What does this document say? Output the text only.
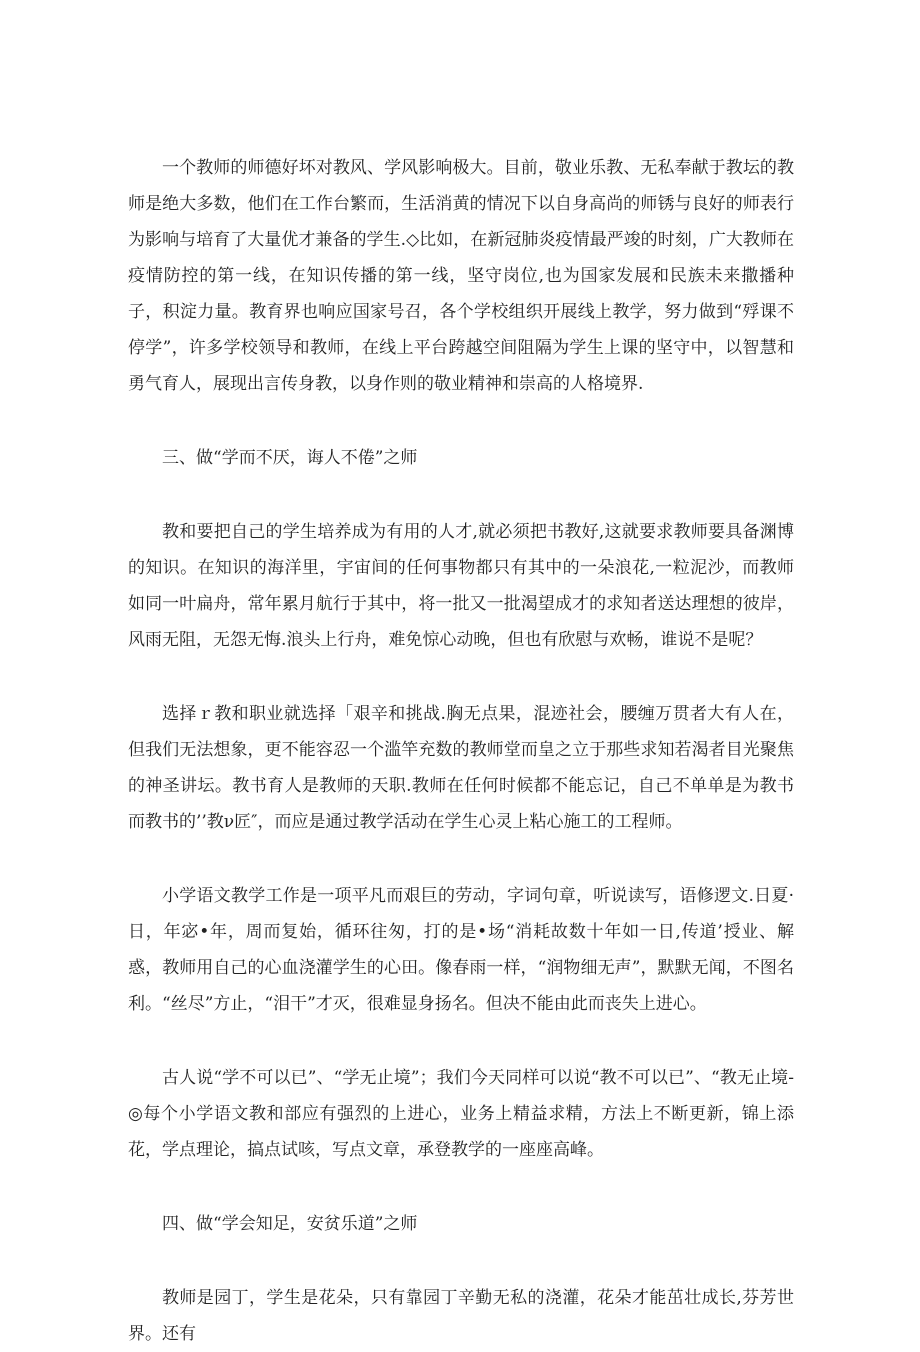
一个教师的师德好坏对教风、学风影响极大。目前，敬业乐教、无私奉献于教坛的教师是绝大多数，他们在工作台繁而，生活消黄的情况下以自身高尚的师锈与良好的师表行为影响与培育了大量优才兼备的学生.◇比如，在新冠肺炎疫情最严竣的时刻，广大教师在疫情防控的第一线，在知识传播的第一线，坚守岗位,也为国家发展和民族未来撒播种子，积淀力量。教育界也响应国家号召，各个学校组织开展线上教学，努力做到“殍课不停学”，许多学校领导和教师，在线上平台跨越空间阻隔为学生上课的坚守中，以智慧和勇气育人，展现出言传身教，以身作则的敬业精神和崇高的人格境界.

三、做“学而不厌，诲人不倦”之师

教和要把自己的学生培养成为有用的人才,就必须把书教好,这就要求教师要具备渊博的知识。在知识的海洋里，宇宙间的任何事物都只有其中的一朵浪花,一粒泥沙，而教师如同一叶扁舟，常年累月航行于其中，将一批又一批渴望成才的求知者送达理想的彼岸，风雨无阻，无怨无悔.浪头上行舟，难免惊心动晚，但也有欣慰与欢畅，谁说不是呢？

选择ｒ教和职业就选择「艰辛和挑战.胸无点果，混迹社会，腰缠万贯者大有人在，但我们无法想象，更不能容忍一个滥竿充数的教师堂而皇之立于那些求知若渴者目光聚焦的神圣讲坛。教书育人是教师的天职.教师在任何时候都不能忘记，自己不单单是为教书而教书的’’教ν匠″，而应是通过教学活动在学生心灵上粘心施工的工程师。

小学语文教学工作是一项平凡而艰巨的劳动，字词句章，听说读写，语修逻文.日夏·日，年宓•年，周而复始，循环往匆，打的是•场“消耗故数十年如一日,传道’授业、解惑，教师用自己的心血浇灌学生的心田。像春雨一样，“润物细无声”，默默无闻，不图名利。“丝尽”方止，“泪干”才灭，很难显身扬名。但决不能由此而丧失上进心。

古人说“学不可以已”、“学无止境”；我们今天同样可以说“教不可以已”、“教无止境-◎每个小学语文教和部应有强烈的上进心，业务上精益求精，方法上不断更新，锦上添花，学点理论，搞点试咳，写点文章，承登教学的一座座高峰。

四、做“学会知足，安贫乐道”之师

教师是园丁，学生是花朵，只有靠园丁辛勤无私的浇灌，花朵才能茁壮成长,芬芳世界。还有
